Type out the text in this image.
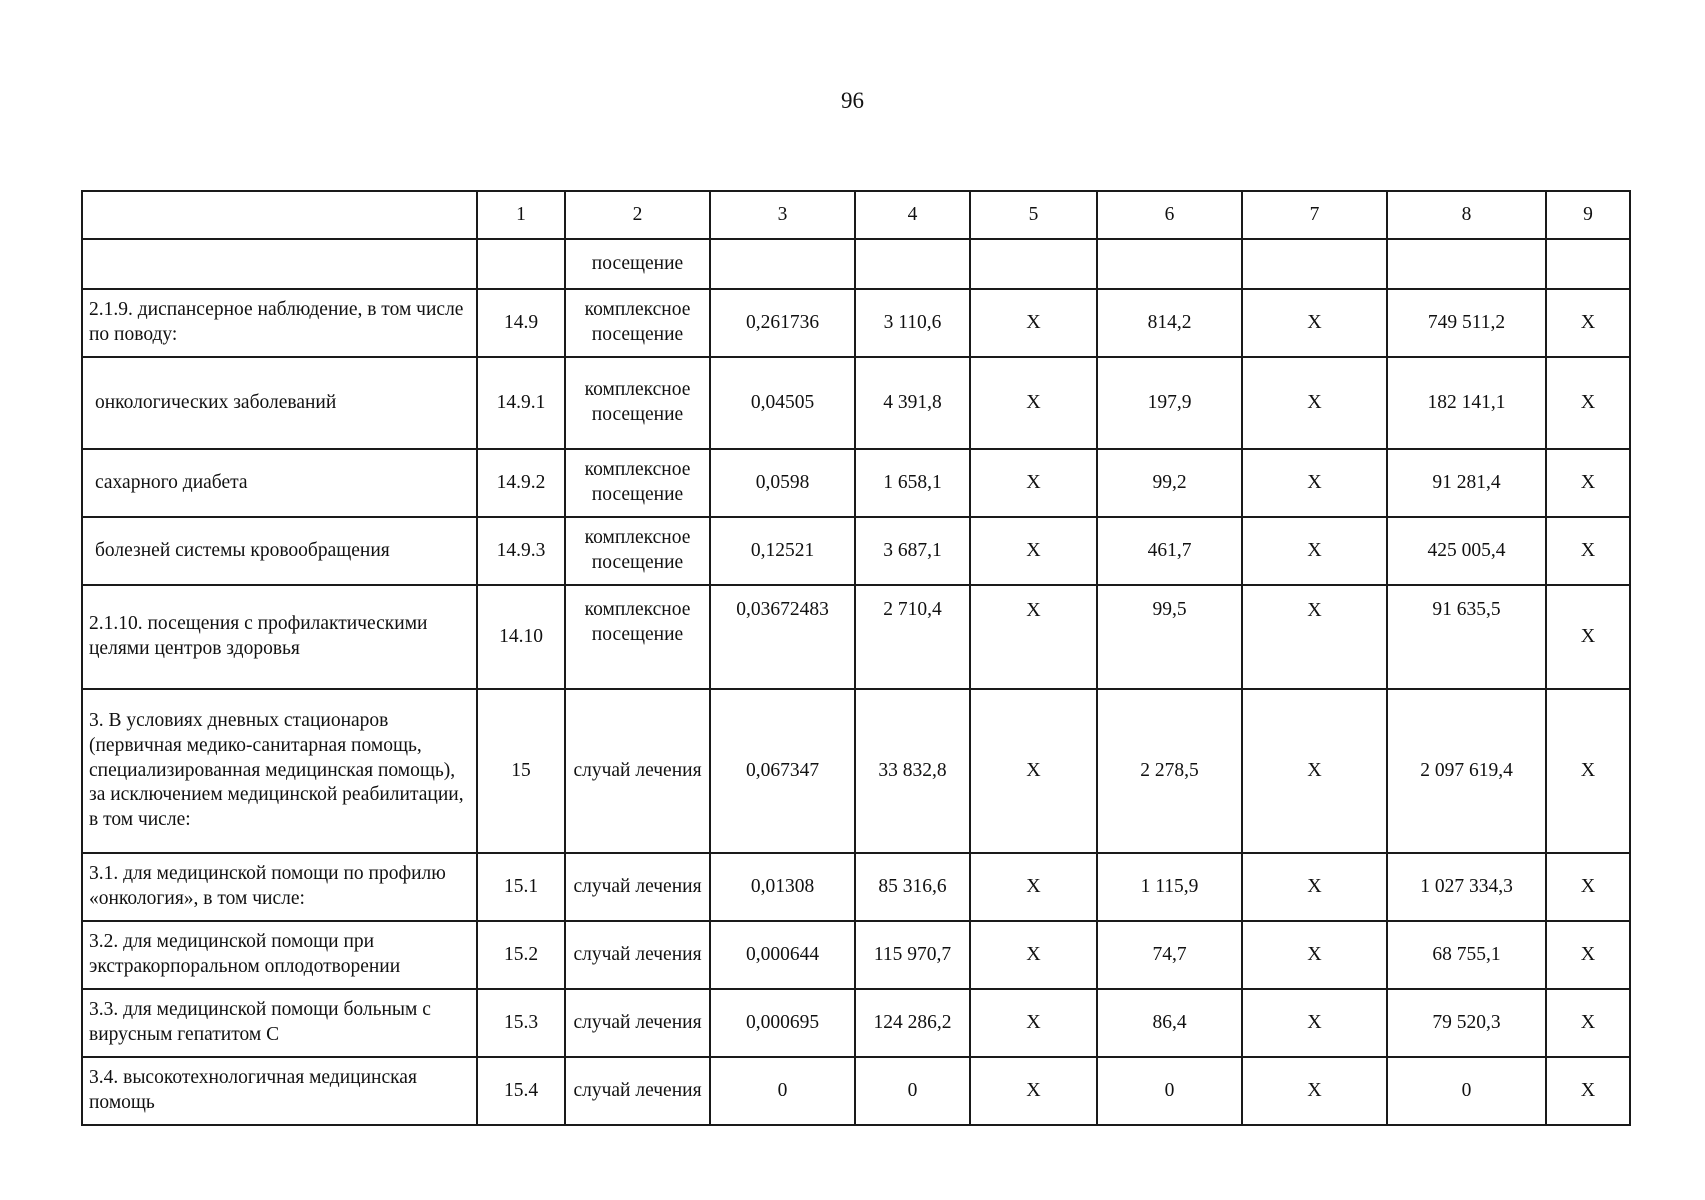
96
	1	2	3	4	5	6	7	8	9
		посещение							
2.1.9. диспансерное наблюдение, в том числе по поводу:	14.9	комплексное посещение	0,261736	3 110,6	X	814,2	X	749 511,2	X
онкологических заболеваний	14.9.1	комплексное посещение	0,04505	4 391,8	X	197,9	X	182 141,1	X
сахарного диабета	14.9.2	комплексное посещение	0,0598	1 658,1	X	99,2	X	91 281,4	X
болезней системы кровообращения	14.9.3	комплексное посещение	0,12521	3 687,1	X	461,7	X	425 005,4	X
2.1.10. посещения с профилактическими целями центров здоровья	14.10	комплексное посещение	0,03672483	2 710,4	X	99,5	X	91 635,5	X
3. В условиях дневных стационаров (первичная медико-санитарная помощь, специализированная медицинская помощь), за исключением медицинской реабилитации, в том числе:	15	случай лечения	0,067347	33 832,8	X	2 278,5	X	2 097 619,4	X
3.1. для медицинской помощи по профилю «онкология», в том числе:	15.1	случай лечения	0,01308	85 316,6	X	1 115,9	X	1 027 334,3	X
3.2. для медицинской помощи при экстракорпоральном оплодотворении	15.2	случай лечения	0,000644	115 970,7	X	74,7	X	68 755,1	X
3.3. для медицинской помощи больным с вирусным гепатитом С	15.3	случай лечения	0,000695	124 286,2	X	86,4	X	79 520,3	X
3.4. высокотехнологичная медицинская помощь	15.4	случай лечения	0	0	X	0	X	0	X
